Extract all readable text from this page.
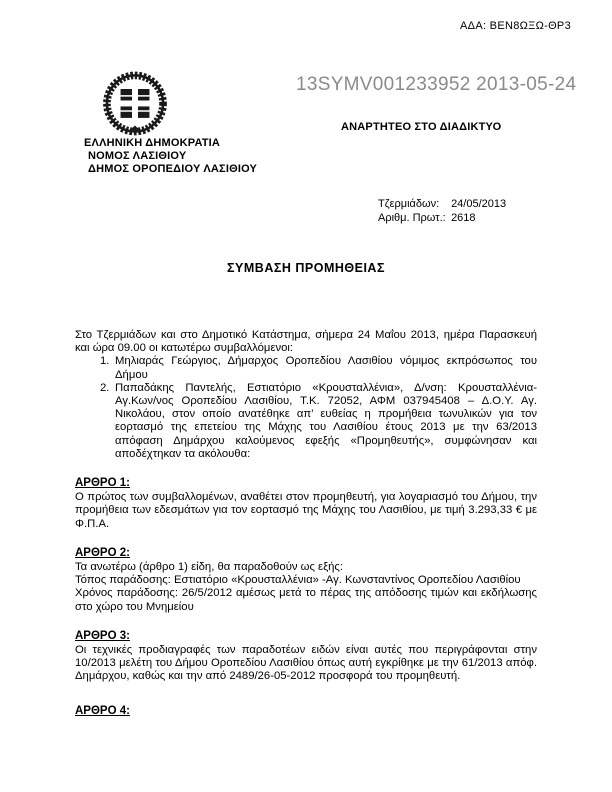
ΑΔΑ: ΒΕΝ8ΩΞΩ-ΘΡ3
13SYMV001233952 2013-05-24
ΑΝΑΡΤΗΤΕΟ ΣΤΟ ΔΙΑΔΙΚΤΥΟ
ΕΛΛΗΝΙΚΗ ΔΗΜΟΚΡΑΤΙΑ
ΝΟΜΟΣ ΛΑΣΙΘΙΟΥ
ΔΗΜΟΣ ΟΡΟΠΕΔΙΟΥ ΛΑΣΙΘΙΟΥ
Τζερμιάδων: 24/05/2013
Αριθμ. Πρωτ.: 2618
ΣΥΜΒΑΣΗ ΠΡΟΜΗΘΕΙΑΣ
Στο Τζερμιάδων και στο Δημοτικό Κατάστημα, σήμερα 24 Μαΐου 2013, ημέρα Παρασκευή και ώρα 09.00 οι κατωτέρω συμβαλλόμενοι:
1. Μηλιαράς Γεώργιος, Δήμαρχος Οροπεδίου Λασιθίου νόμιμος εκπρόσωπος του Δήμου
2. Παπαδάκης Παντελής, Εστιατόριο «Κρουσταλλένια», Δ/νση: Κρουσταλλένια-Αγ.Κων/νος Οροπεδίου Λασιθίου, Τ.Κ. 72052, ΑΦΜ 037945408 – Δ.Ο.Υ. Αγ. Νικολάου, στον οποίο ανατέθηκε απ’ ευθείας η προμήθεια τωνυλικών για τον εορτασμό της επετείου της Μάχης του Λασιθίου έτους 2013 με την 63/2013 απόφαση Δημάρχου καλούμενος εφεξής «Προμηθευτής», συμφώνησαν και αποδέχτηκαν τα ακόλουθα:
ΑΡΘΡΟ 1:
Ο πρώτος των συμβαλλομένων, αναθέτει στον προμηθευτή, για λογαριασμό του Δήμου, την προμήθεια των εδεσμάτων για τον εορτασμό της Μάχης του Λασιθίου, με τιμή 3.293,33 € με Φ.Π.Α.
ΑΡΘΡΟ 2:
Τα ανωτέρω (άρθρο 1) είδη, θα παραδοθούν ως εξής:
Τόπος παράδοσης: Εστιατόριο «Κρουσταλλένια» -Αγ. Κωνσταντίνος Οροπεδίου Λασιθίου
Χρόνος παράδοσης: 26/5/2012 αμέσως μετά το πέρας της απόδοσης τιμών και εκδήλωσης στο χώρο του Μνημείου
ΑΡΘΡΟ 3:
Οι τεχνικές προδιαγραφές των παραδοτέων ειδών είναι αυτές που περιγράφονται στην 10/2013 μελέτη του Δήμου Οροπεδίου Λασιθίου όπως αυτή εγκρίθηκε με την 61/2013 απόφ. Δημάρχου, καθώς και την από 2489/26-05-2012 προσφορά του προμηθευτή.
ΑΡΘΡΟ 4:
